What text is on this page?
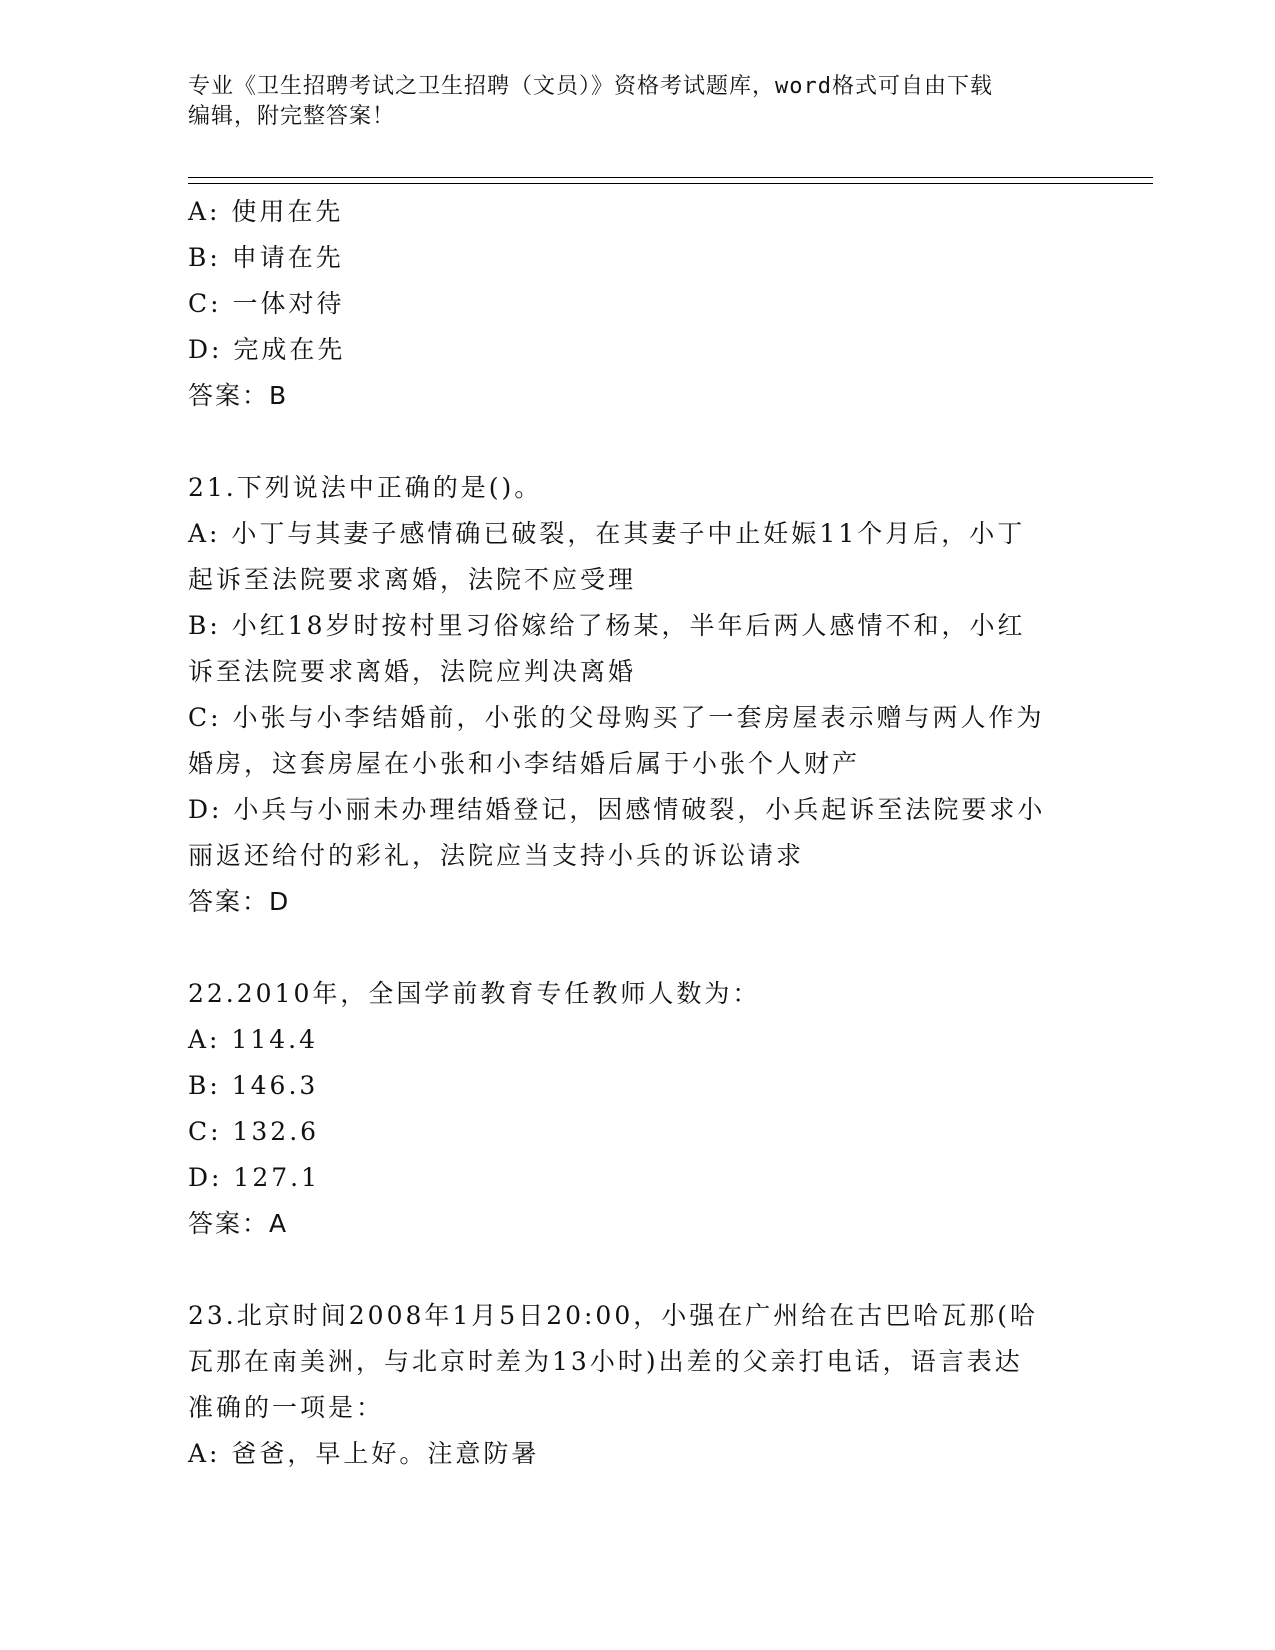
专业《卫生招聘考试之卫生招聘（文员）》资格考试题库，word格式可自由下载

编辑，附完整答案！

A: 使用在先
B: 申请在先
C: 一体对待
D: 完成在先
答案：B
21.下列说法中正确的是()。
A: 小丁与其妻子感情确已破裂，在其妻子中止妊娠11个月后，小丁
起诉至法院要求离婚，法院不应受理
B: 小红18岁时按村里习俗嫁给了杨某，半年后两人感情不和，小红
诉至法院要求离婚，法院应判决离婚
C: 小张与小李结婚前，小张的父母购买了一套房屋表示赠与两人作为
婚房，这套房屋在小张和小李结婚后属于小张个人财产
D: 小兵与小丽未办理结婚登记，因感情破裂，小兵起诉至法院要求小
丽返还给付的彩礼，法院应当支持小兵的诉讼请求
答案：D
22.2010年，全国学前教育专任教师人数为：
A: 114.4
B: 146.3
C: 132.6
D: 127.1
答案：A
23.北京时间2008年1月5日20:00，小强在广州给在古巴哈瓦那(哈
瓦那在南美洲，与北京时差为13小时)出差的父亲打电话，语言表达
准确的一项是：
A: 爸爸，早上好。注意防暑
